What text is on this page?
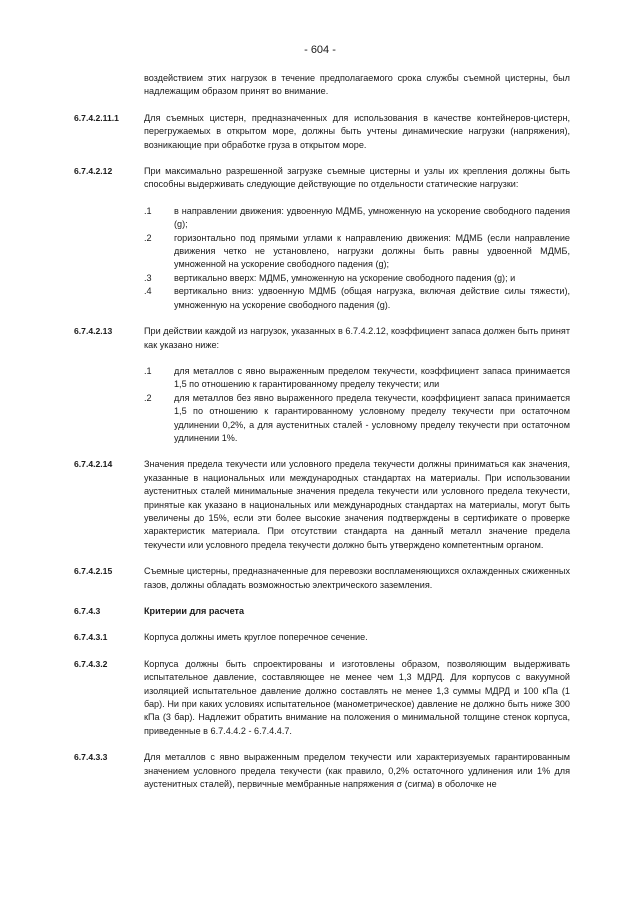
- 604 -

воздействием этих нагрузок в течение предполагаемого срока службы съемной цистерны, был надлежащим образом принят во внимание.

6.7.4.2.11.1	Для съемных цистерн, предназначенных для использования в качестве контейнеров-цистерн, перегружаемых в открытом море, должны быть учтены динамические нагрузки (напряжения), возникающие при обработке груза в открытом море.

6.7.4.2.12	При максимально разрешенной загрузке съемные цистерны и узлы их крепления должны быть способны выдерживать следующие действующие по отдельности статические нагрузки:

.1	в направлении движения: удвоенную МДМБ, умноженную на ускорение свободного падения (g);
.2	горизонтально под прямыми углами к направлению движения: МДМБ (если направление движения четко не установлено, нагрузки должны быть равны удвоенной МДМБ, умноженной на ускорение свободного падения (g);
.3	вертикально вверх: МДМБ, умноженную на ускорение свободного падения (g); и
.4	вертикально вниз: удвоенную МДМБ (общая нагрузка, включая действие силы тяжести), умноженную на ускорение свободного падения (g).
6.7.4.2.13	При действии каждой из нагрузок, указанных в 6.7.4.2.12, коэффициент запаса должен быть принят как указано ниже:

.1	для металлов с явно выраженным пределом текучести, коэффициент запаса принимается 1,5 по отношению к гарантированному пределу текучести; или
.2	для металлов без явно выраженного предела текучести, коэффициент запаса принимается 1,5 по отношению к гарантированному условному пределу текучести при остаточном удлинении 0,2%, а для аустенитных сталей - условному пределу текучести при остаточном удлинении 1%.
6.7.4.2.14	Значения предела текучести или условного предела текучести должны приниматься как значения, указанные в национальных или международных стандартах на материалы. При использовании аустенитных сталей минимальные значения предела текучести или условного предела текучести, принятые как указано в национальных или международных стандартах на материалы, могут быть увеличены до 15%, если эти более высокие значения подтверждены в сертификате о проверке характеристик материала. При отсутствии стандарта на данный металл значение предела текучести или условного предела текучести должно быть утверждено компетентным органом.

6.7.4.2.15	Съемные цистерны, предназначенные для перевозки воспламеняющихся охлажденных сжиженных газов, должны обладать возможностью электрического заземления.

6.7.4.3	Критерии для расчета

6.7.4.3.1	Корпуса должны иметь круглое поперечное сечение.

6.7.4.3.2	Корпуса должны быть спроектированы и изготовлены образом, позволяющим выдерживать испытательное давление, составляющее не менее чем 1,3 МДРД. Для корпусов с вакуумной изоляцией испытательное давление должно составлять не менее 1,3 суммы МДРД и 100 кПа (1 бар). Ни при каких условиях испытательное (манометрическое) давление не должно быть ниже 300 кПа (3 бар). Надлежит обратить внимание на положения о минимальной толщине стенок корпуса, приведенные в 6.7.4.4.2 - 6.7.4.4.7.

6.7.4.3.3	Для металлов с явно выраженным пределом текучести или характеризуемых гарантированным значением условного предела текучести (как правило, 0,2% остаточного удлинения или 1% для аустенитных сталей), первичные мембранные напряжения σ (сигма) в оболочке не
